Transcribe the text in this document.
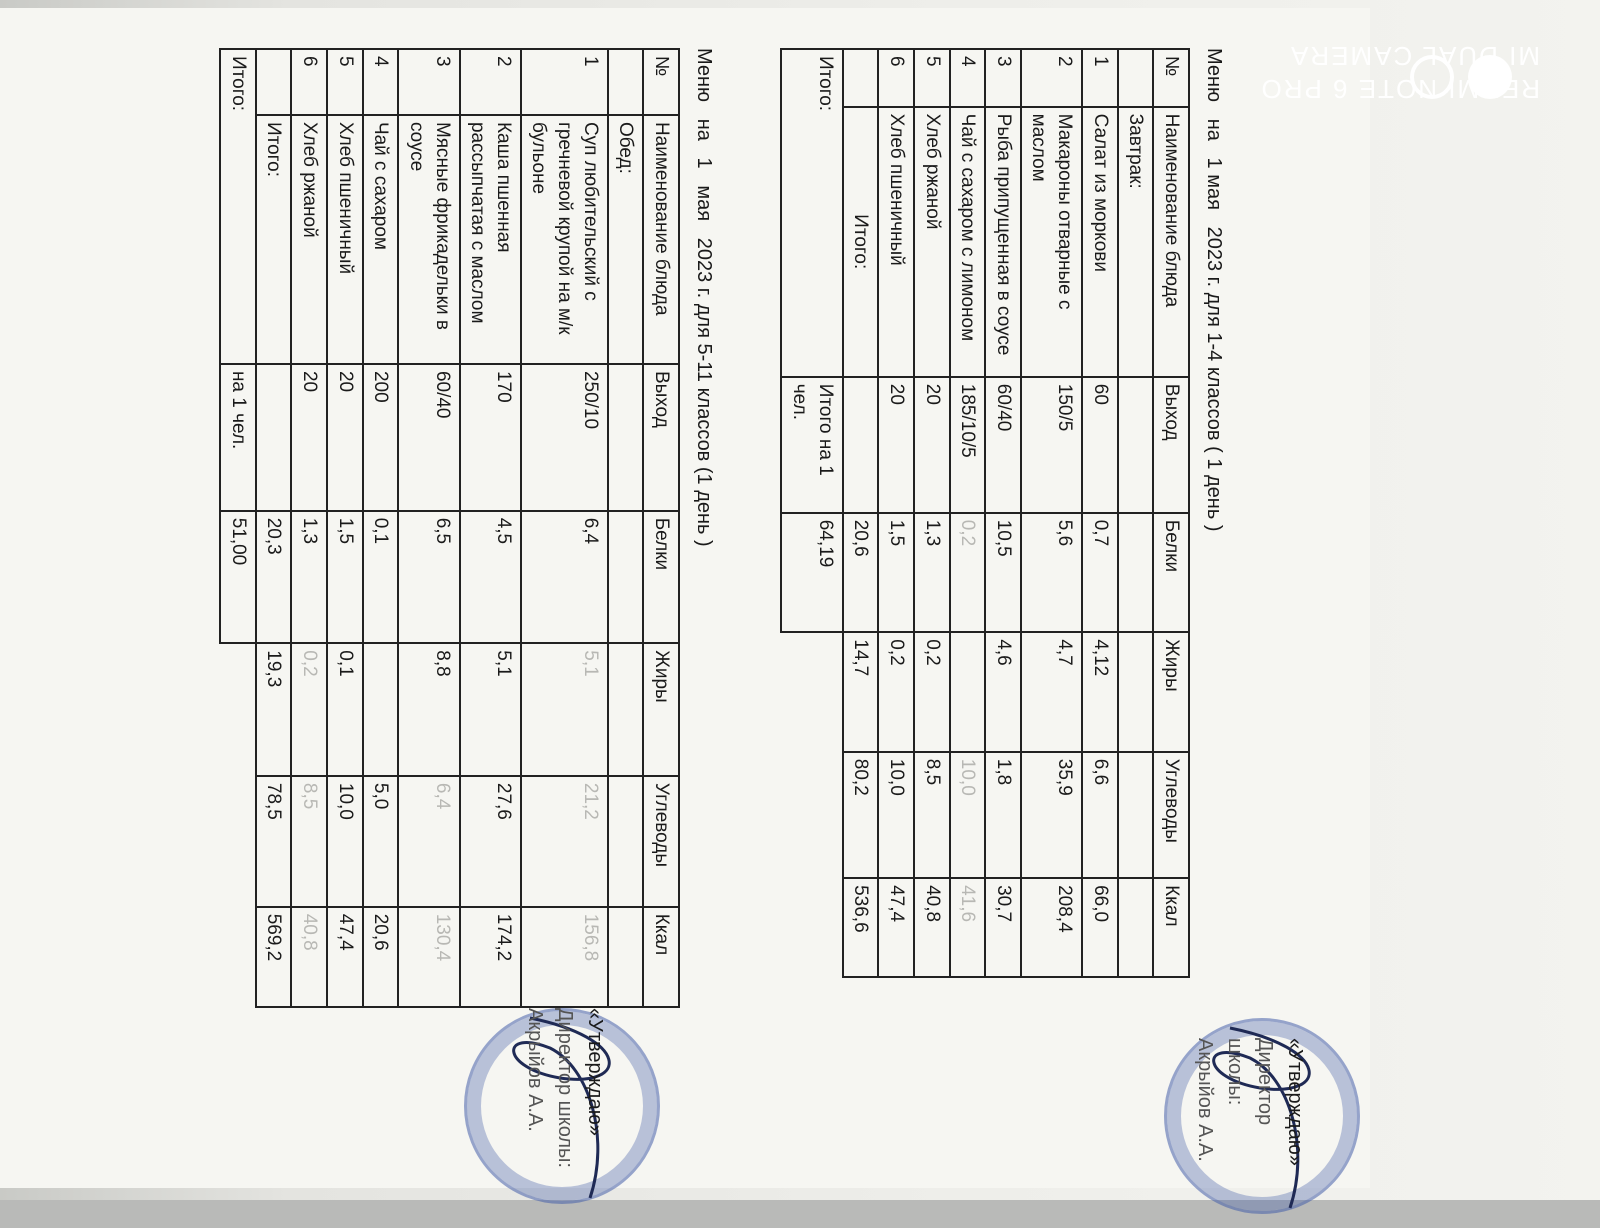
Меню   на   1 мая   2023 г. для 1-4 классов ( 1 день )
№	Наименование блюда	Выход	Белки	Жиры	Углеводы	Ккал
	Завтрак:					
1	Салат из моркови	60	0,7	4,12	6,6	66,0
2	Макароны отварные с маслом	150/5	5,6	4,7	35,9	208,4
3	Рыба припущенная в соусе	60/40	10,5	4,6	1,8	30,7
4	Чай с сахаром с лимоном	185/10/5	0,2		10,0	41,6
5	Хлеб ржаной	20	1,3	0,2	8,5	40,8
6	Хлеб пшеничный	20	1,5	0,2	10,0	47,4
	Итого:		20,6	14,7	80,2	536,6
Итого:		Итого на 1 чел.	64,19			
Меню   на   1   мая   2023 г. для 5-11 классов (1 день )
№	Наименование блюда	Выход	Белки	Жиры	Углеводы	Ккал
	Обед:					
1	Суп любительский с гречневой крупой на м/к бульоне	250/10	6,4	5,1	21,2	156,8
2	Каша пшенная рассыпчатая с маслом	170	4,5	5,1	27,6	174,2
3	Мясные фрикадельки в соусе	60/40	6,5	8,8	6,4	130,4
4	Чай с сахаром	200	0,1		5,0	20,6
5	Хлеб пшеничный	20	1,5	0,1	10,0	47,4
6	Хлеб ржаной	20	1,3	0,2	8,5	40,8
	Итого:		20,3	19,3	78,5	569,2
Итого:		на 1 чел.	51,00			
«Утверждаю»
Директор школы: Акрыйов А.А.
«Утверждаю»
Директор школы: Акрыйов А.А.
REDMI NOTE 6 PRO
MI DUAL CAMERA
